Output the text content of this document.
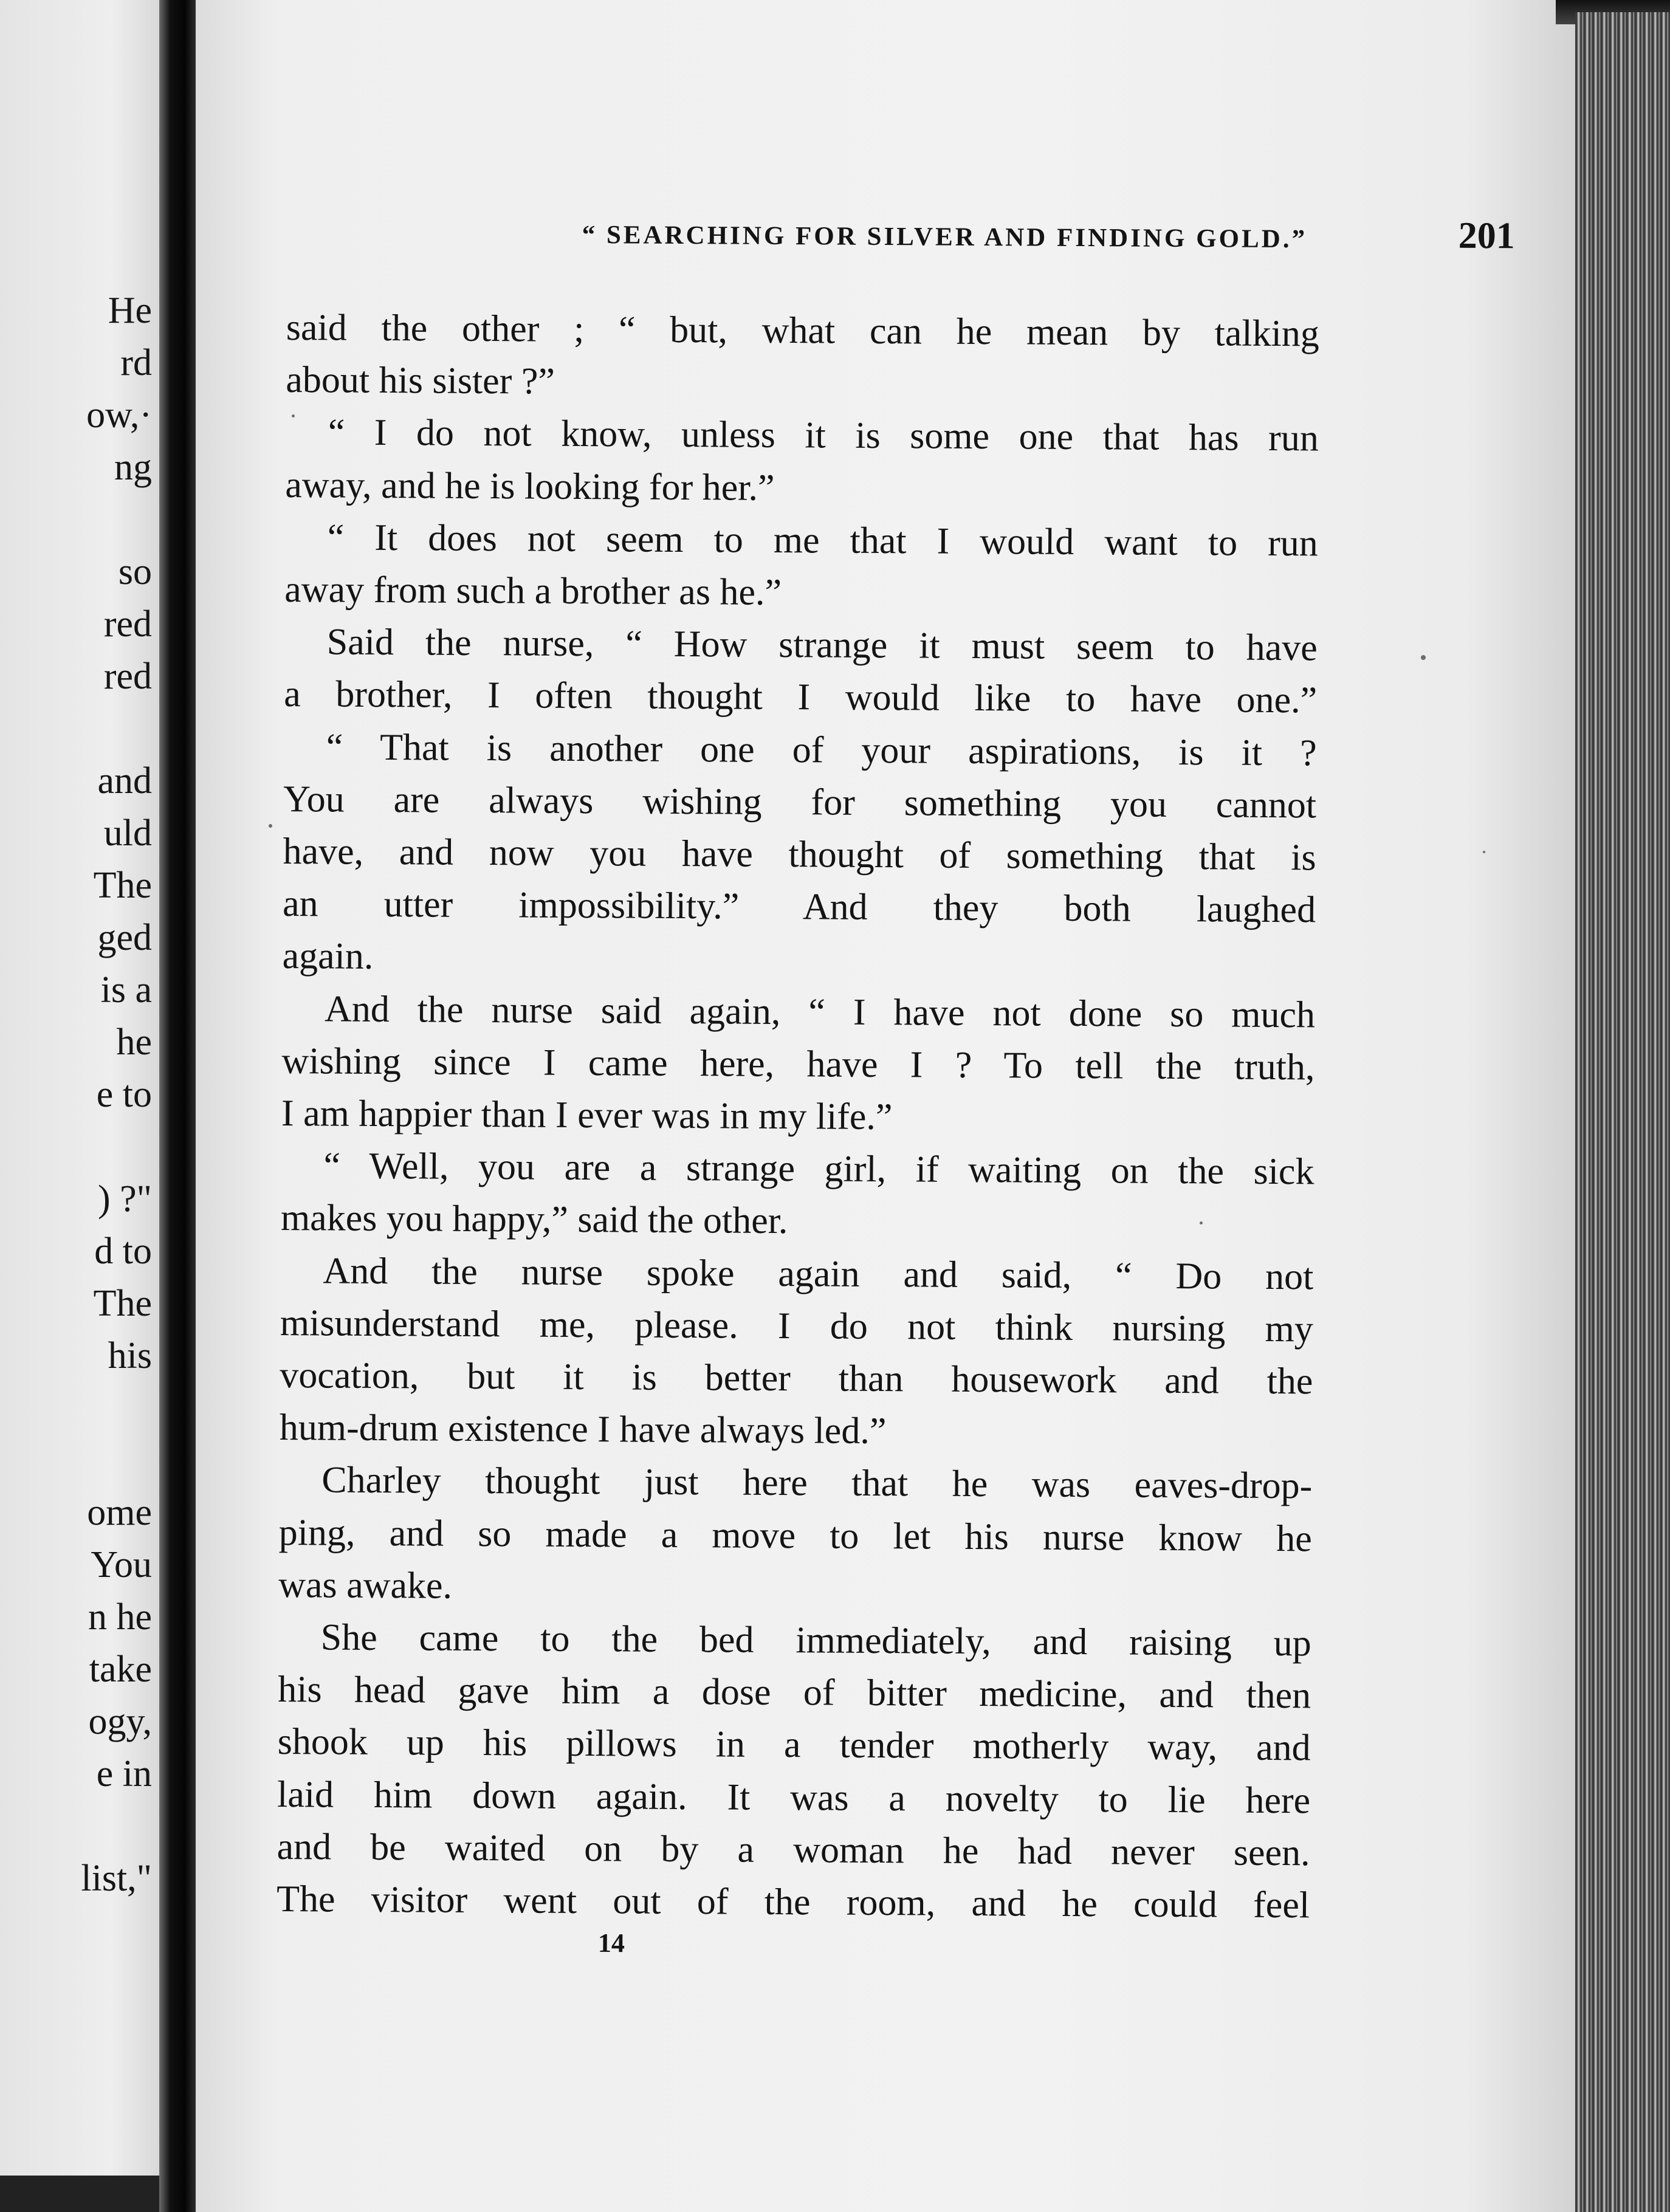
He
rd
ow,·
ng
so
red
red
and
uld
The
ged
is a
he
e to
) ?"
d to
The
his
ome
You
n he
take
ogy,
e in
list,"
“ SEARCHING FOR SILVER AND FINDING GOLD.”	201
said the other ; “ but, what can he mean by talking
about his sister ?”
“ I do not know, unless it is some one that has run
away, and he is looking for her.”
“ It does not seem to me that I would want to run
away from such a brother as he.”
Said the nurse, “ How strange it must seem to have
a brother, I often thought I would like to have one.”
“ That is another one of your aspirations, is it ?
You are always wishing for something you cannot
have, and now you have thought of something that is
an utter impossibility.” And they both laughed
again.
And the nurse said again, “ I have not done so much
wishing since I came here, have I ? To tell the truth,
I am happier than I ever was in my life.”
“ Well, you are a strange girl, if waiting on the sick
makes you happy,” said the other.
And the nurse spoke again and said, “ Do not
misunderstand me, please. I do not think nursing my
vocation, but it is better than housework and the
hum-drum existence I have always led.”
Charley thought just here that he was eaves-drop-
ping, and so made a move to let his nurse know he
was awake.
She came to the bed immediately, and raising up
his head gave him a dose of bitter medicine, and then
shook up his pillows in a tender motherly way, and
laid him down again. It was a novelty to lie here
and be waited on by a woman he had never seen.
The visitor went out of the room, and he could feel
14
